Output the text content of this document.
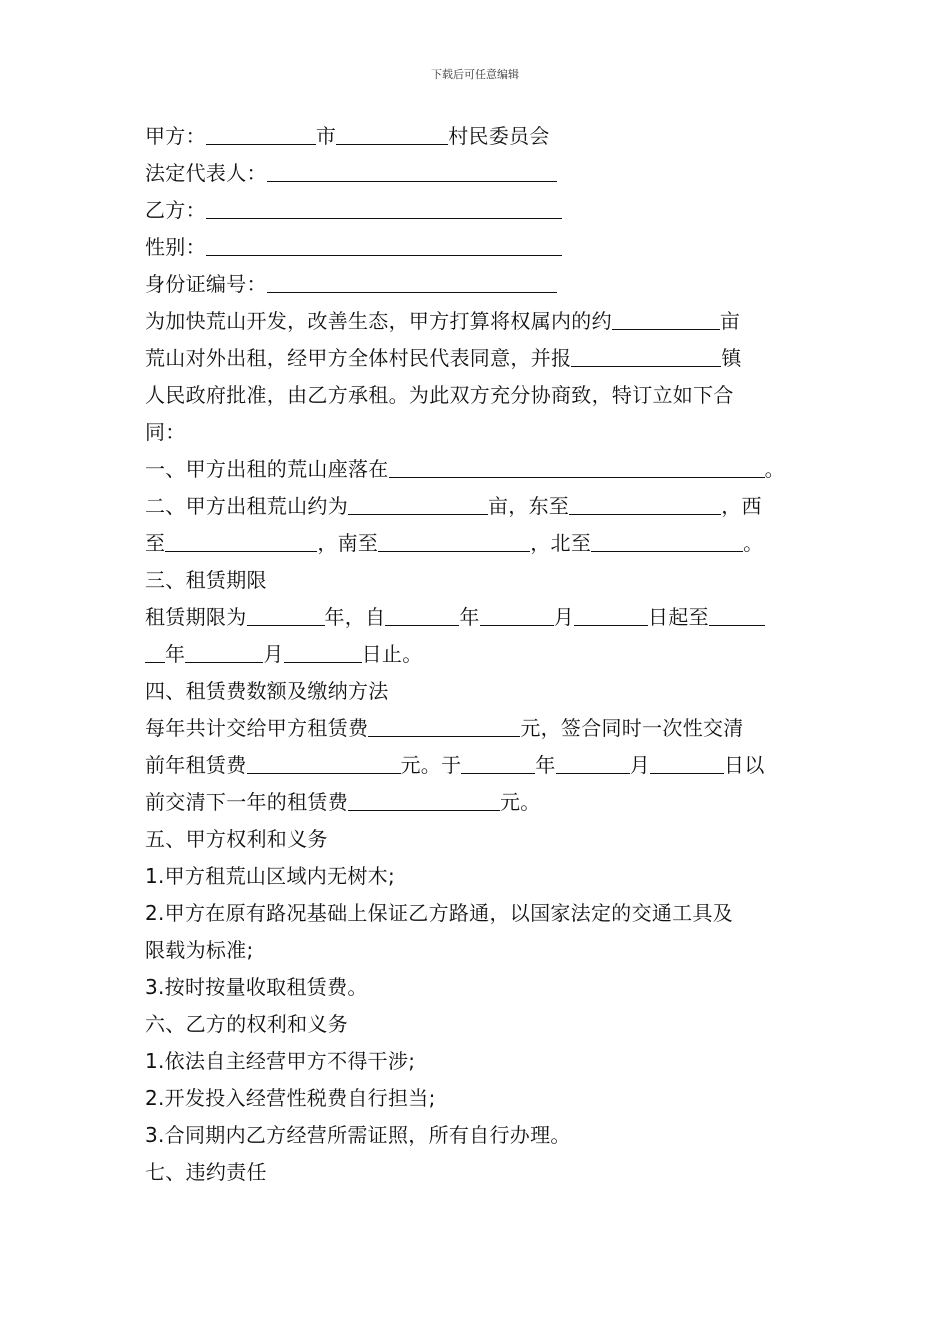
下载后可任意编辑
甲方：	市	村民委员会
法定代表人：
乙方：
性别：
身份证编号：
为加快荒山开发，改善生态，甲方打算将权属内的约	亩
荒山对外出租，经甲方全体村民代表同意，并报	镇
人民政府批准，由乙方承租。为此双方充分协商致，特订立如下合
同：
一、甲方出租的荒山座落在	。
二、甲方出租荒山约为	亩，东至	，西
至	，南至	，北至	。
三、租赁期限
租赁期限为	年，自	年	月	日起至
年	月	日止。
四、租赁费数额及缴纳方法
每年共计交给甲方租赁费	元，签合同时一次性交清
前年租赁费	元。于	年	月	日以
前交清下一年的租赁费	元。
五、甲方权利和义务
1.甲方租荒山区域内无树木;
2.甲方在原有路况基础上保证乙方路通，以国家法定的交通工具及
限载为标准;
3.按时按量收取租赁费。
六、乙方的权利和义务
1.依法自主经营甲方不得干涉;
2.开发投入经营性税费自行担当;
3.合同期内乙方经营所需证照，所有自行办理。
七、违约责任
